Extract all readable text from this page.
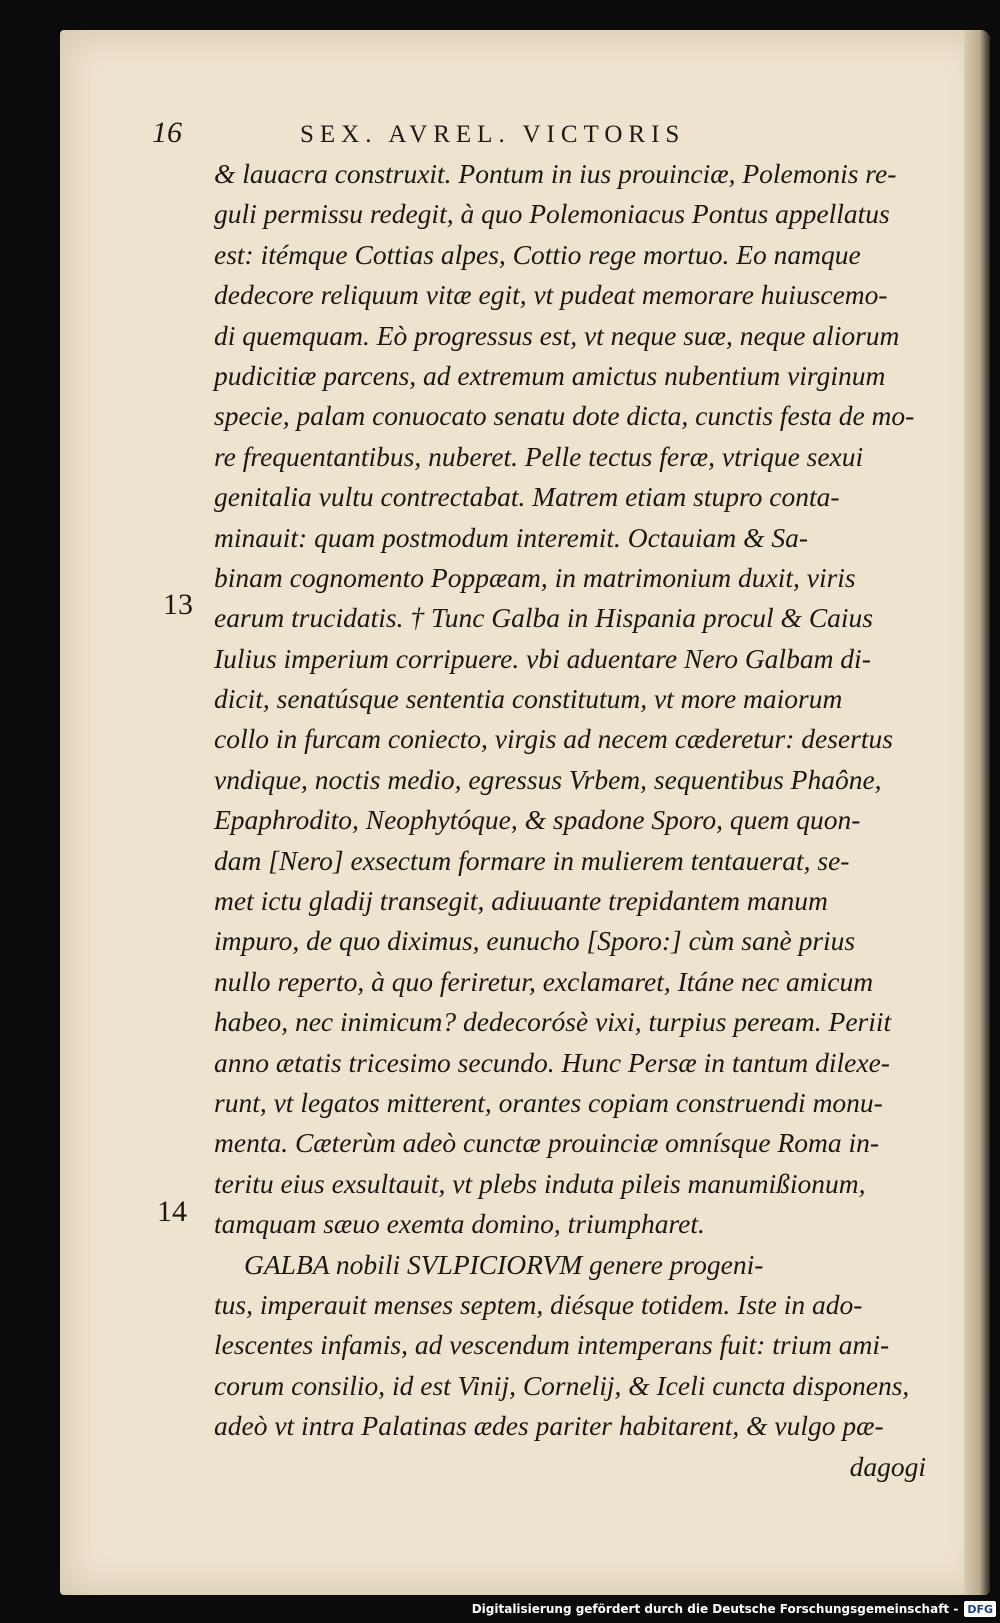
16	SEX. AVREL. VICTORIS
13
14
& lauacra construxit. Pontum in ius prouinciæ, Polemonis re-
guli permissu redegit, à quo Polemoniacus Pontus appellatus
est: itémque Cottias alpes, Cottio rege mortuo. Eo namque
dedecore reliquum vitæ egit, vt pudeat memorare huiuscemo-
di quemquam. Eò progressus est, vt neque suæ, neque aliorum
pudicitiæ parcens, ad extremum amictus nubentium virginum
specie, palam conuocato senatu dote dicta, cunctis festa de mo-
re frequentantibus, nuberet. Pelle tectus feræ, vtrique sexui
genitalia vultu contrectabat. Matrem etiam stupro conta-
minauit: quam postmodum interemit. Octauiam & Sa-
binam cognomento Poppæam, in matrimonium duxit, viris
earum trucidatis. † Tunc Galba in Hispania procul & Caius
Iulius imperium corripuere. vbi aduentare Nero Galbam di-
dicit, senatúsque sententia constitutum, vt more maiorum
collo in furcam coniecto, virgis ad necem cæderetur: desertus
vndique, noctis medio, egressus Vrbem, sequentibus Phaône,
Epaphrodito, Neophytóque, & spadone Sporo, quem quon-
dam [Nero] exsectum formare in mulierem tentauerat, se-
met ictu gladij transegit, adiuuante trepidantem manum
impuro, de quo diximus, eunucho [Sporo:] cùm sanè prius
nullo reperto, à quo feriretur, exclamaret, Itáne nec amicum
habeo, nec inimicum? dedecorósè vixi, turpius peream. Periit
anno ætatis tricesimo secundo. Hunc Persæ in tantum dilexe-
runt, vt legatos mitterent, orantes copiam construendi monu-
menta. Cæterùm adeò cunctæ prouinciæ omnísque Roma in-
teritu eius exsultauit, vt plebs induta pileis manumißionum,
tamquam sæuo exemta domino, triumpharet.
GALBA nobili SVLPICIORVM genere progeni-
tus, imperauit menses septem, diésque totidem. Iste in ado-
lescentes infamis, ad vescendum intemperans fuit: trium ami-
corum consilio, id est Vinij, Cornelij, & Iceli cuncta disponens,
adeò vt intra Palatinas ædes pariter habitarent, & vulgo pæ-
dagogi
Digitalisierung gefördert durch die Deutsche Forschungsgemeinschaft - DFG
